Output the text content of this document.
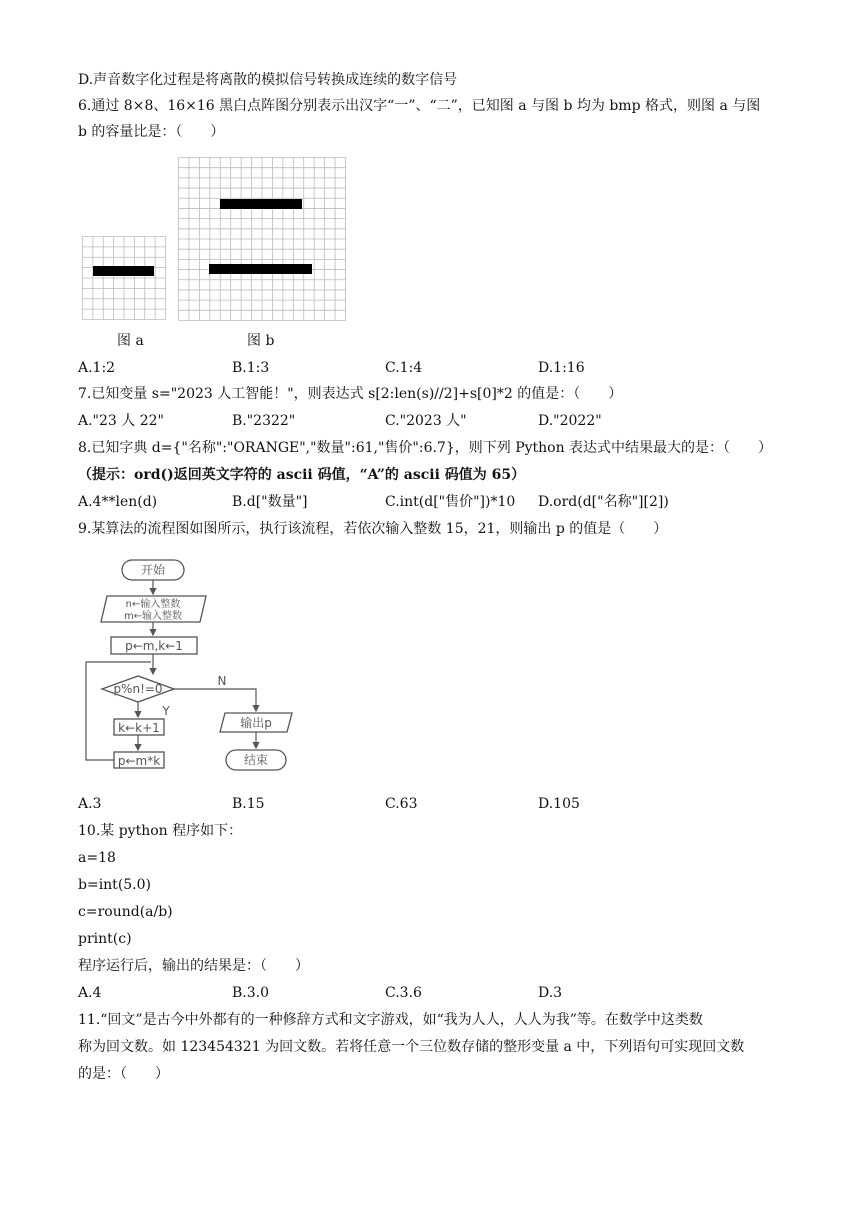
D.声音数字化过程是将离散的模拟信号转换成连续的数字信号
6.通过 8×8、16×16 黑白点阵图分别表示出汉字“一”、“二”，已知图 a 与图 b 均为 bmp 格式，则图 a 与图
b 的容量比是：（　　）
图 a	图 b
A.1:2	B.1:3	C.1:4	D.1:16
7.已知变量 s="2023 人工智能！"，则表达式 s[2:len(s)//2]+s[0]*2 的值是：（　　）
A."23 人 22"	B."2322"	C."2023 人"	D."2022"
8.已知字典 d={"名称":"ORANGE","数量":61,"售价":6.7}，则下列 Python 表达式中结果最大的是：（　　）
（提示：ord()返回英文字符的 ascii 码值，“A”的 ascii 码值为 65）
A.4**len(d)	B.d["数量"]	C.int(d["售价"])*10 D.ord(d["名称"][2])
9.某算法的流程图如图所示，执行该流程，若依次输入整数 15，21，则输出 p 的值是（　　）
开始
n←输入整数
m←输入整数
p←m,k←1
p%n!=0
Y
N
k←k+1
p←m*k
输出p
结束
A.3	B.15	C.63	D.105
10.某 python 程序如下：
a=18
b=int(5.0)
c=round(a/b)
print(c)
程序运行后，输出的结果是：（　　）
A.4	B.3.0	C.3.6	D.3
11.“回文”是古今中外都有的一种修辞方式和文字游戏，如“我为人人，人人为我”等。在数学中这类数
称为回文数。如 123454321 为回文数。若将任意一个三位数存储的整形变量 a 中，下列语句可实现回文数
的是：（　　）
